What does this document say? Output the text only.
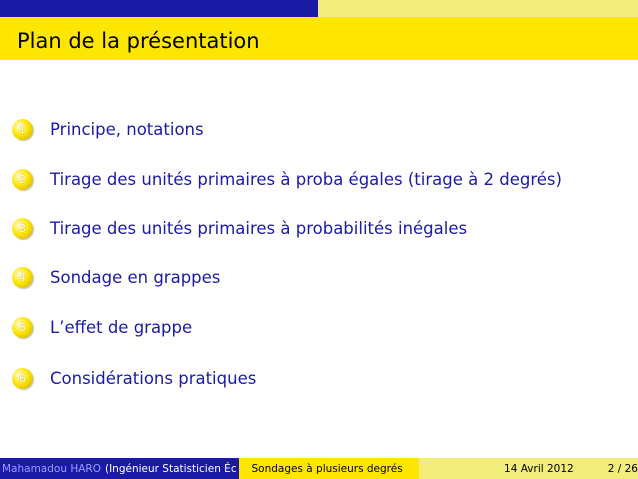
Plan de la présentation
1 Principe, notations
2 Tirage des unités primaires à proba égales (tirage à 2 degrés)
3 Tirage des unités primaires à probabilités inégales
4 Sondage en grappes
5 L’effet de grappe
6 Considérations pratiques
Mahamadou HARO (Ingénieur Statisticien Éc Sondages à plusieurs degrés	14 Avril 2012	2 / 26
